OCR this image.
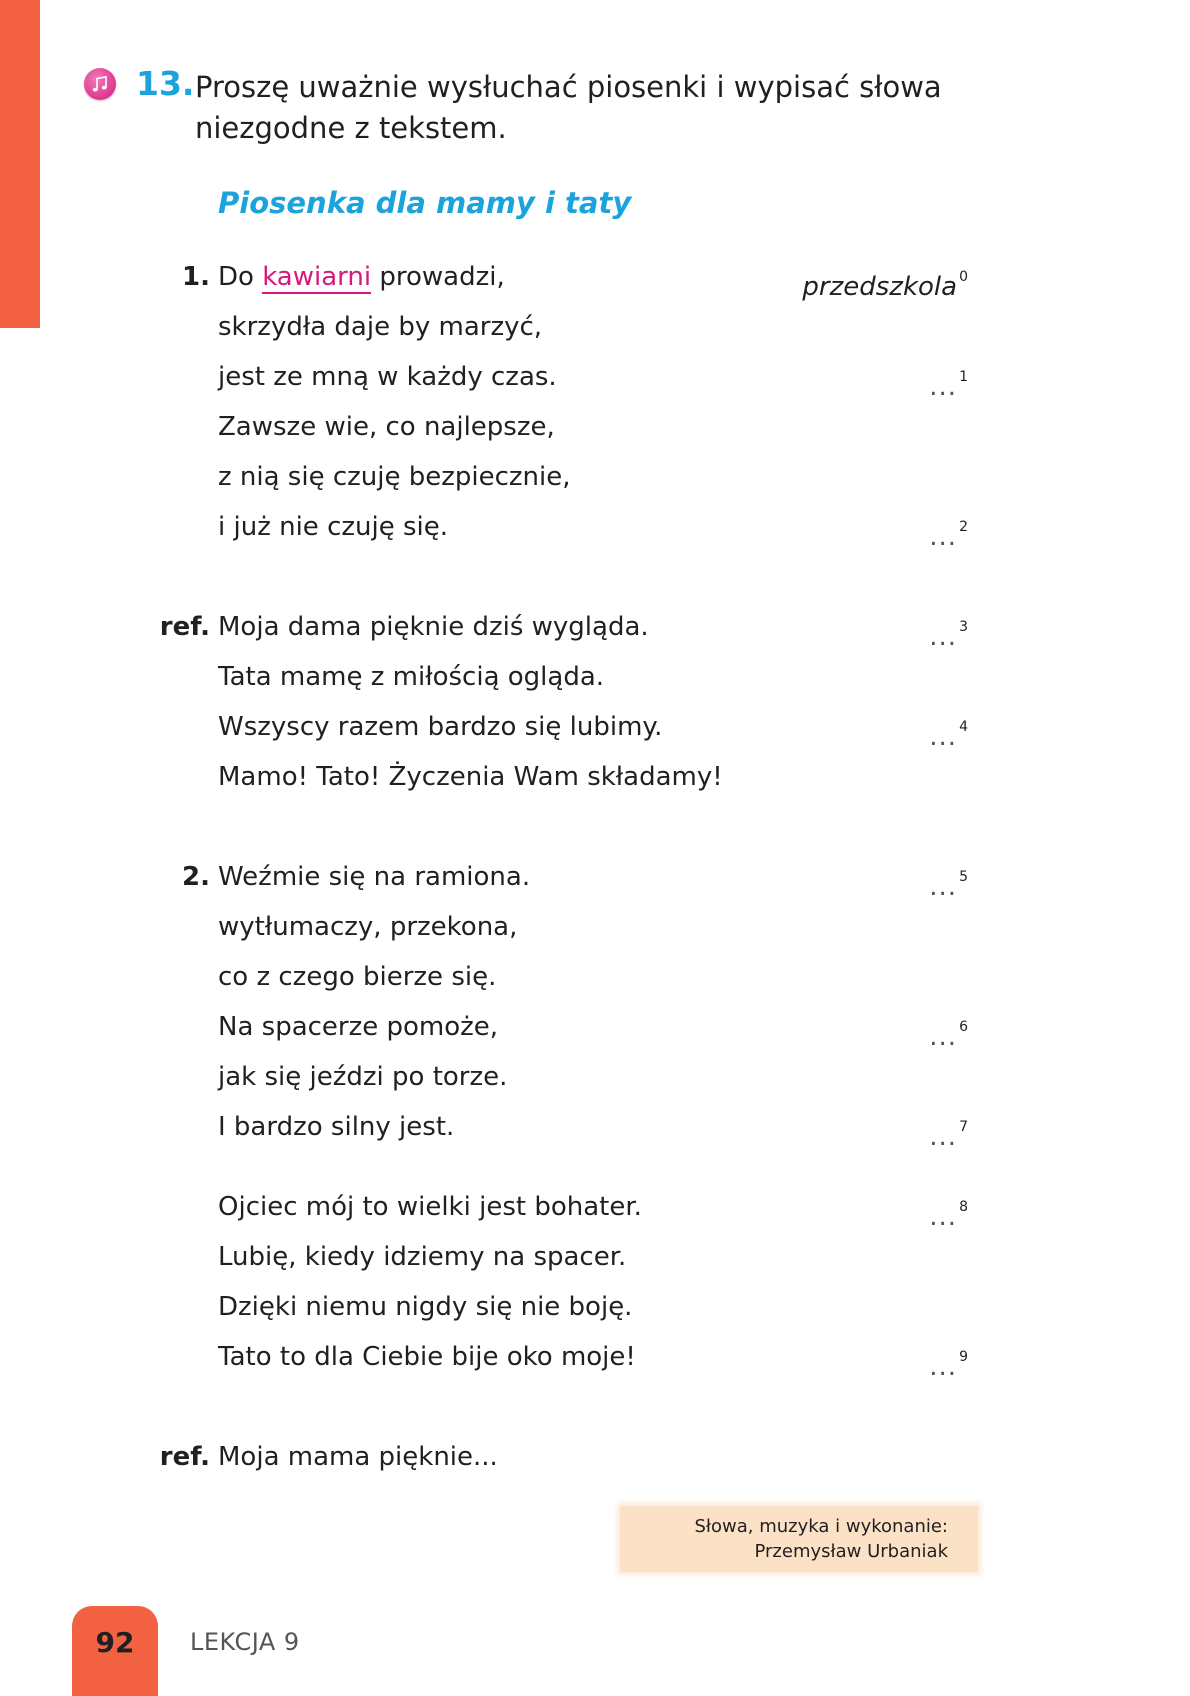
13. Proszę uważnie wysłuchać piosenki i wypisać słowa niezgodne z tekstem.
Piosenka dla mamy i taty
1. Do kawiarni prowadzi,	przedszkola $^0$
skrzydła daje by marzyć,
jest ze mną w każdy czas.	... $^1$
Zawsze wie, co najlepsze,
z nią się czuję bezpiecznie,
i już nie czuję się.	... $^2$
ref. Moja dama pięknie dziś wygląda.	... $^3$
Tata mamę z miłością ogląda.
Wszyscy razem bardzo się lubimy.	... $^4$
Mamo! Tato! Życzenia Wam składamy!
2. Weźmie się na ramiona.	... $^5$
wytłumaczy, przekona,
co z czego bierze się.
Na spacerze pomoże,	... $^6$
jak się jeździ po torze.
I bardzo silny jest.	... $^7$
Ojciec mój to wielki jest bohater.	... $^8$
Lubię, kiedy idziemy na spacer.
Dzięki niemu nigdy się nie boję.
Tato to dla Ciebie bije oko moje!	... $^9$
ref. Moja mama pięknie...
Słowa, muzyka i wykonanie:
Przemysław Urbaniak
92	LEKCJA 9
